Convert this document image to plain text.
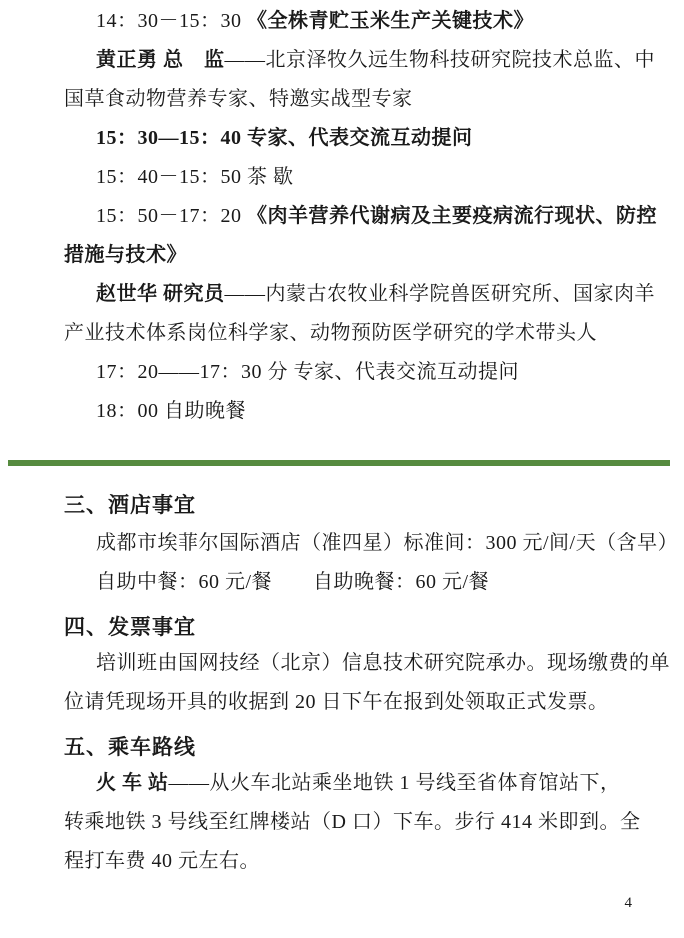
14：30－15：30 《全株青贮玉米生产关键技术》
黄正勇 总　监——北京泽牧久远生物科技研究院技术总监、中
国草食动物营养专家、特邀实战型专家
15：30—15：40 专家、代表交流互动提问
15：40－15：50 茶 歇
15：50－17：20 《肉羊营养代谢病及主要疫病流行现状、防控
措施与技术》
赵世华 研究员——内蒙古农牧业科学院兽医研究所、国家肉羊
产业技术体系岗位科学家、动物预防医学研究的学术带头人
17：20——17：30 分 专家、代表交流互动提问
18：00 自助晚餐
三、酒店事宜
成都市埃菲尔国际酒店（准四星）标准间：300 元/间/天（含早）
自助中餐：60 元/餐　　自助晚餐：60 元/餐
四、发票事宜
培训班由国网技经（北京）信息技术研究院承办。现场缴费的单
位请凭现场开具的收据到 20 日下午在报到处领取正式发票。
五、乘车路线
火 车 站——从火车北站乘坐地铁 1 号线至省体育馆站下，
转乘地铁 3 号线至红牌楼站（D 口）下车。步行 414 米即到。全
程打车费 40 元左右。
4
